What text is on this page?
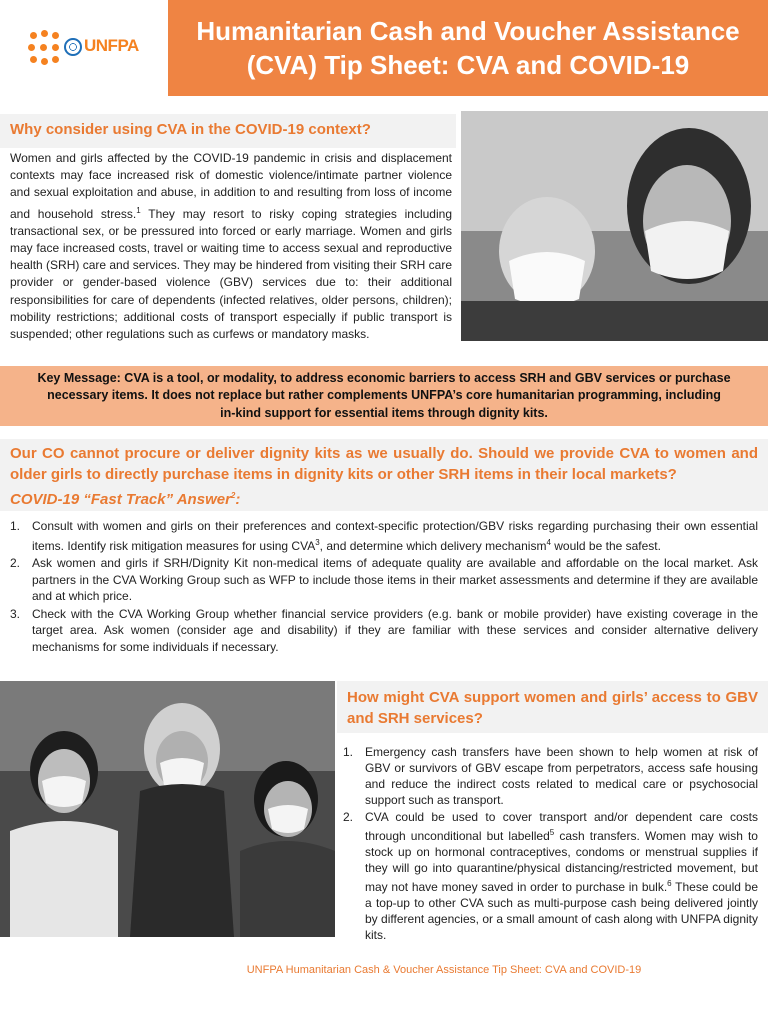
UNFPA Humanitarian Cash and Voucher Assistance
(CVA) Tip Sheet: CVA and COVID-19
Why consider using CVA in the COVID-19 context?

Women and girls affected by the COVID-19 pandemic in crisis and displacement contexts may face increased risk of domestic violence/intimate partner violence and sexual exploitation and abuse, in addition to and resulting from loss of income and household stress.$^1$ They may resort to risky coping strategies including transactional sex, or be pressured into forced or early marriage. Women and girls may face increased costs, travel or waiting time to access sexual and reproductive health (SRH) care and services. They may be hindered from visiting their SRH care provider or gender-based violence (GBV) services due to: their additional responsibilities for care of dependents (infected relatives, older persons, children); mobility restrictions; additional costs of transport especially if public transport is suspended; other regulations such as curfews or mandatory masks.

Key Message: CVA is a tool, or modality, to address economic barriers to access SRH and GBV services or purchase

necessary items. It does not replace but rather complements UNFPA’s core humanitarian programming, including

in-kind support for essential items through dignity kits.

Our CO cannot procure or deliver dignity kits as we usually do. Should we provide CVA to women and older girls to directly purchase items in dignity kits or other SRH items in their local markets?
COVID-19 “Fast Track” Answer$^2$:
1. Consult with women and girls on their preferences and context-specific protection/GBV risks regarding purchasing their own essential items. Identify risk mitigation measures for using CVA$^3$, and determine which delivery mechanism$^4$ would be the safest.
2. Ask women and girls if SRH/Dignity Kit non-medical items of adequate quality are available and affordable on the local market. Ask partners in the CVA Working Group such as WFP to include those items in their market assessments and determine if they are available and at which price.
3. Check with the CVA Working Group whether financial service providers (e.g. bank or mobile provider) have existing coverage in the target area. Ask women (consider age and disability) if they are familiar with these services and consider alternative delivery mechanisms for some individuals if necessary.
How might CVA support women and girls’ access to GBV and SRH services?
1. Emergency cash transfers have been shown to help women at risk of GBV or survivors of GBV escape from perpetrators, access safe housing and reduce the indirect costs related to medical care or psychosocial support such as transport.
2. CVA could be used to cover transport and/or dependent care costs through unconditional but labelled$^5$ cash transfers. Women may wish to stock up on hormonal contraceptives, condoms or menstrual supplies if they will go into quarantine/physical distancing/restricted movement, but may not have money saved in order to purchase in bulk.$^6$ These could be a top-up to other CVA such as multi-purpose cash being delivered jointly by different agencies, or a small amount of cash along with UNFPA dignity kits.
UNFPA Humanitarian Cash & Voucher Assistance Tip Sheet: CVA and COVID-19
